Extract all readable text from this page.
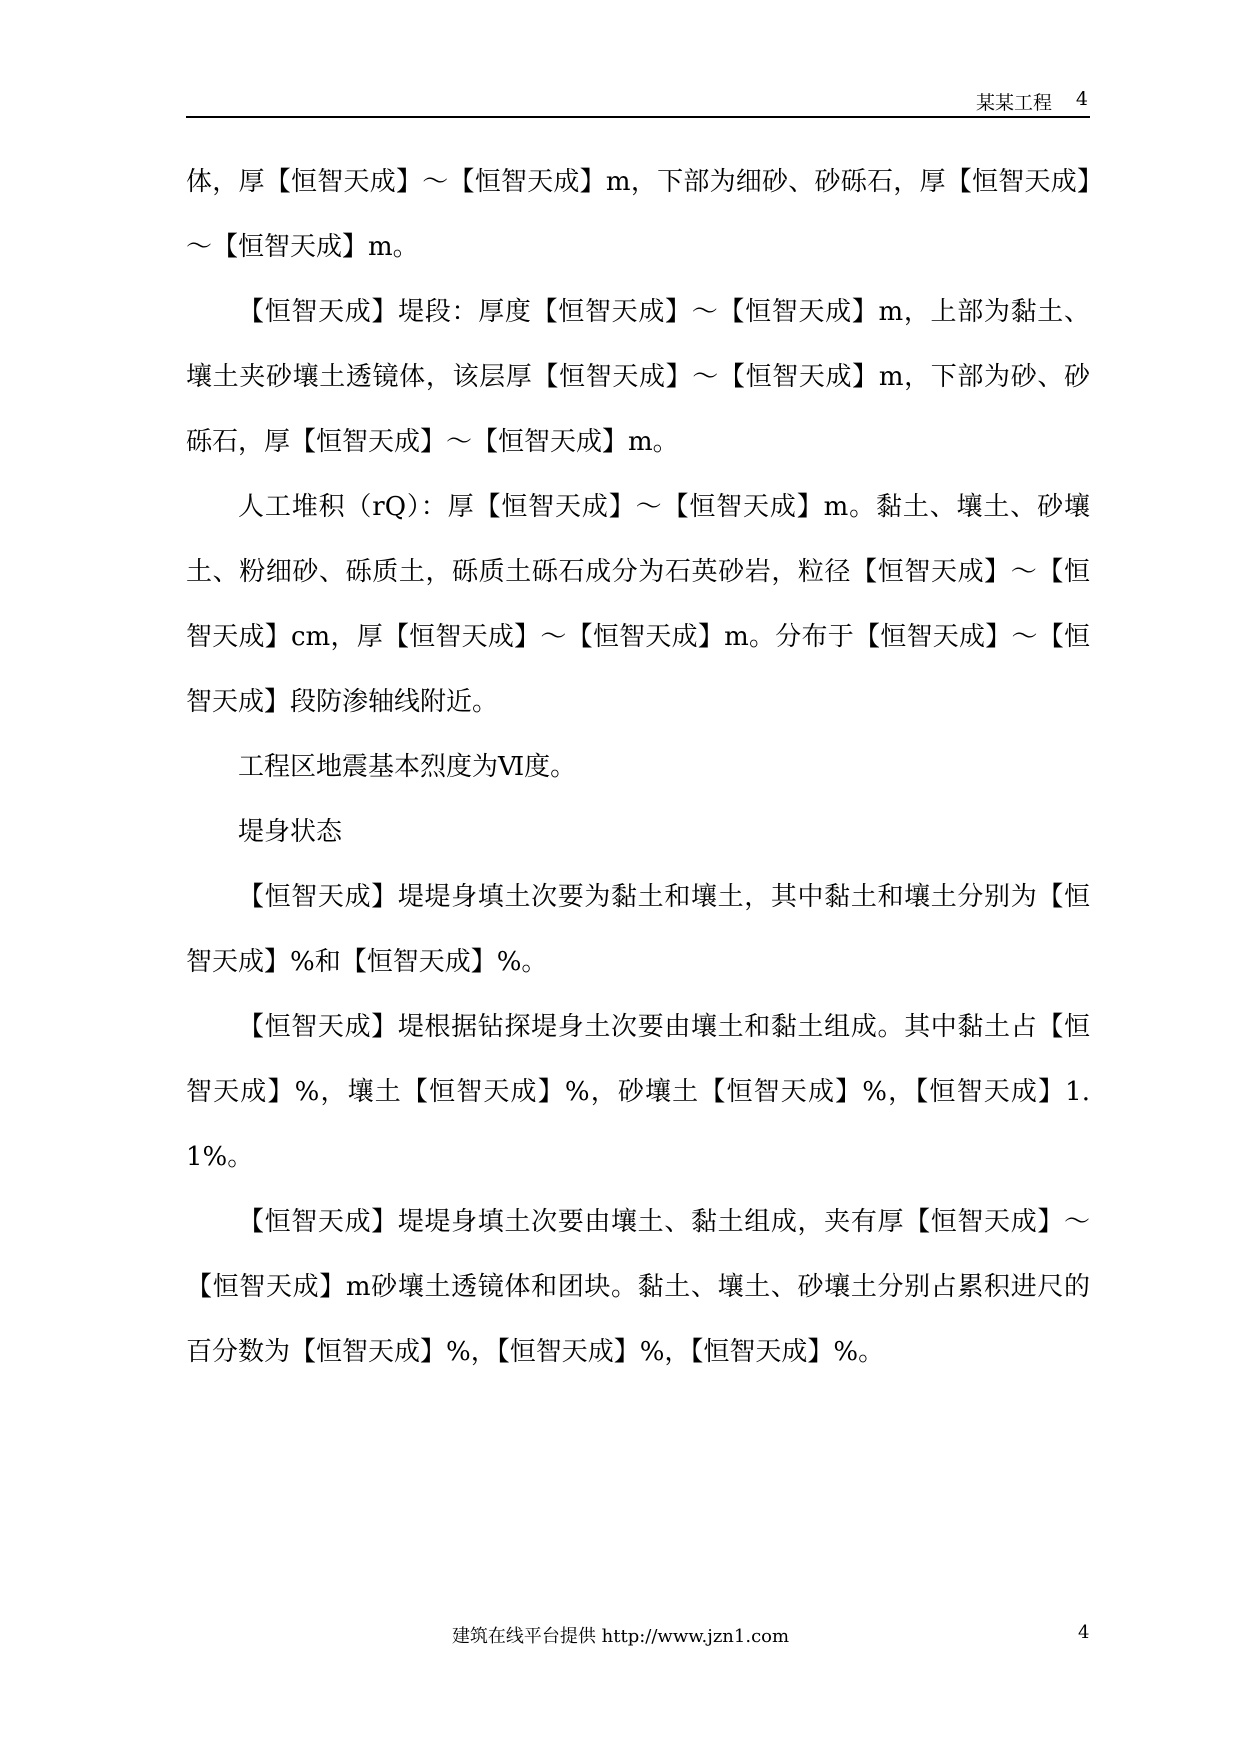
某某工程 4

体，厚【恒智天成】～【恒智天成】m，下部为细砂、砂砾石，厚【恒智天成】～【恒智天成】m。

【恒智天成】堤段：厚度【恒智天成】～【恒智天成】m，上部为黏土、壤土夹砂壤土透镜体，该层厚【恒智天成】～【恒智天成】m，下部为砂、砂砾石，厚【恒智天成】～【恒智天成】m。

人工堆积（rQ）：厚【恒智天成】～【恒智天成】m。黏土、壤土、砂壤土、粉细砂、砾质土，砾质土砾石成分为石英砂岩，粒径【恒智天成】～【恒智天成】cm，厚【恒智天成】～【恒智天成】m。分布于【恒智天成】～【恒智天成】段防渗轴线附近。

工程区地震基本烈度为Ⅵ度。

堤身状态

【恒智天成】堤堤身填土次要为黏土和壤土，其中黏土和壤土分别为【恒智天成】%和【恒智天成】%。

【恒智天成】堤根据钻探堤身土次要由壤土和黏土组成。其中黏土占【恒智天成】%，壤土【恒智天成】%，砂壤土【恒智天成】%，【恒智天成】1.1%。

【恒智天成】堤堤身填土次要由壤土、黏土组成，夹有厚【恒智天成】～【恒智天成】m砂壤土透镜体和团块。黏土、壤土、砂壤土分别占累积进尺的百分数为【恒智天成】%，【恒智天成】%，【恒智天成】%。

建筑在线平台提供 http://www.jzn1.com	4
